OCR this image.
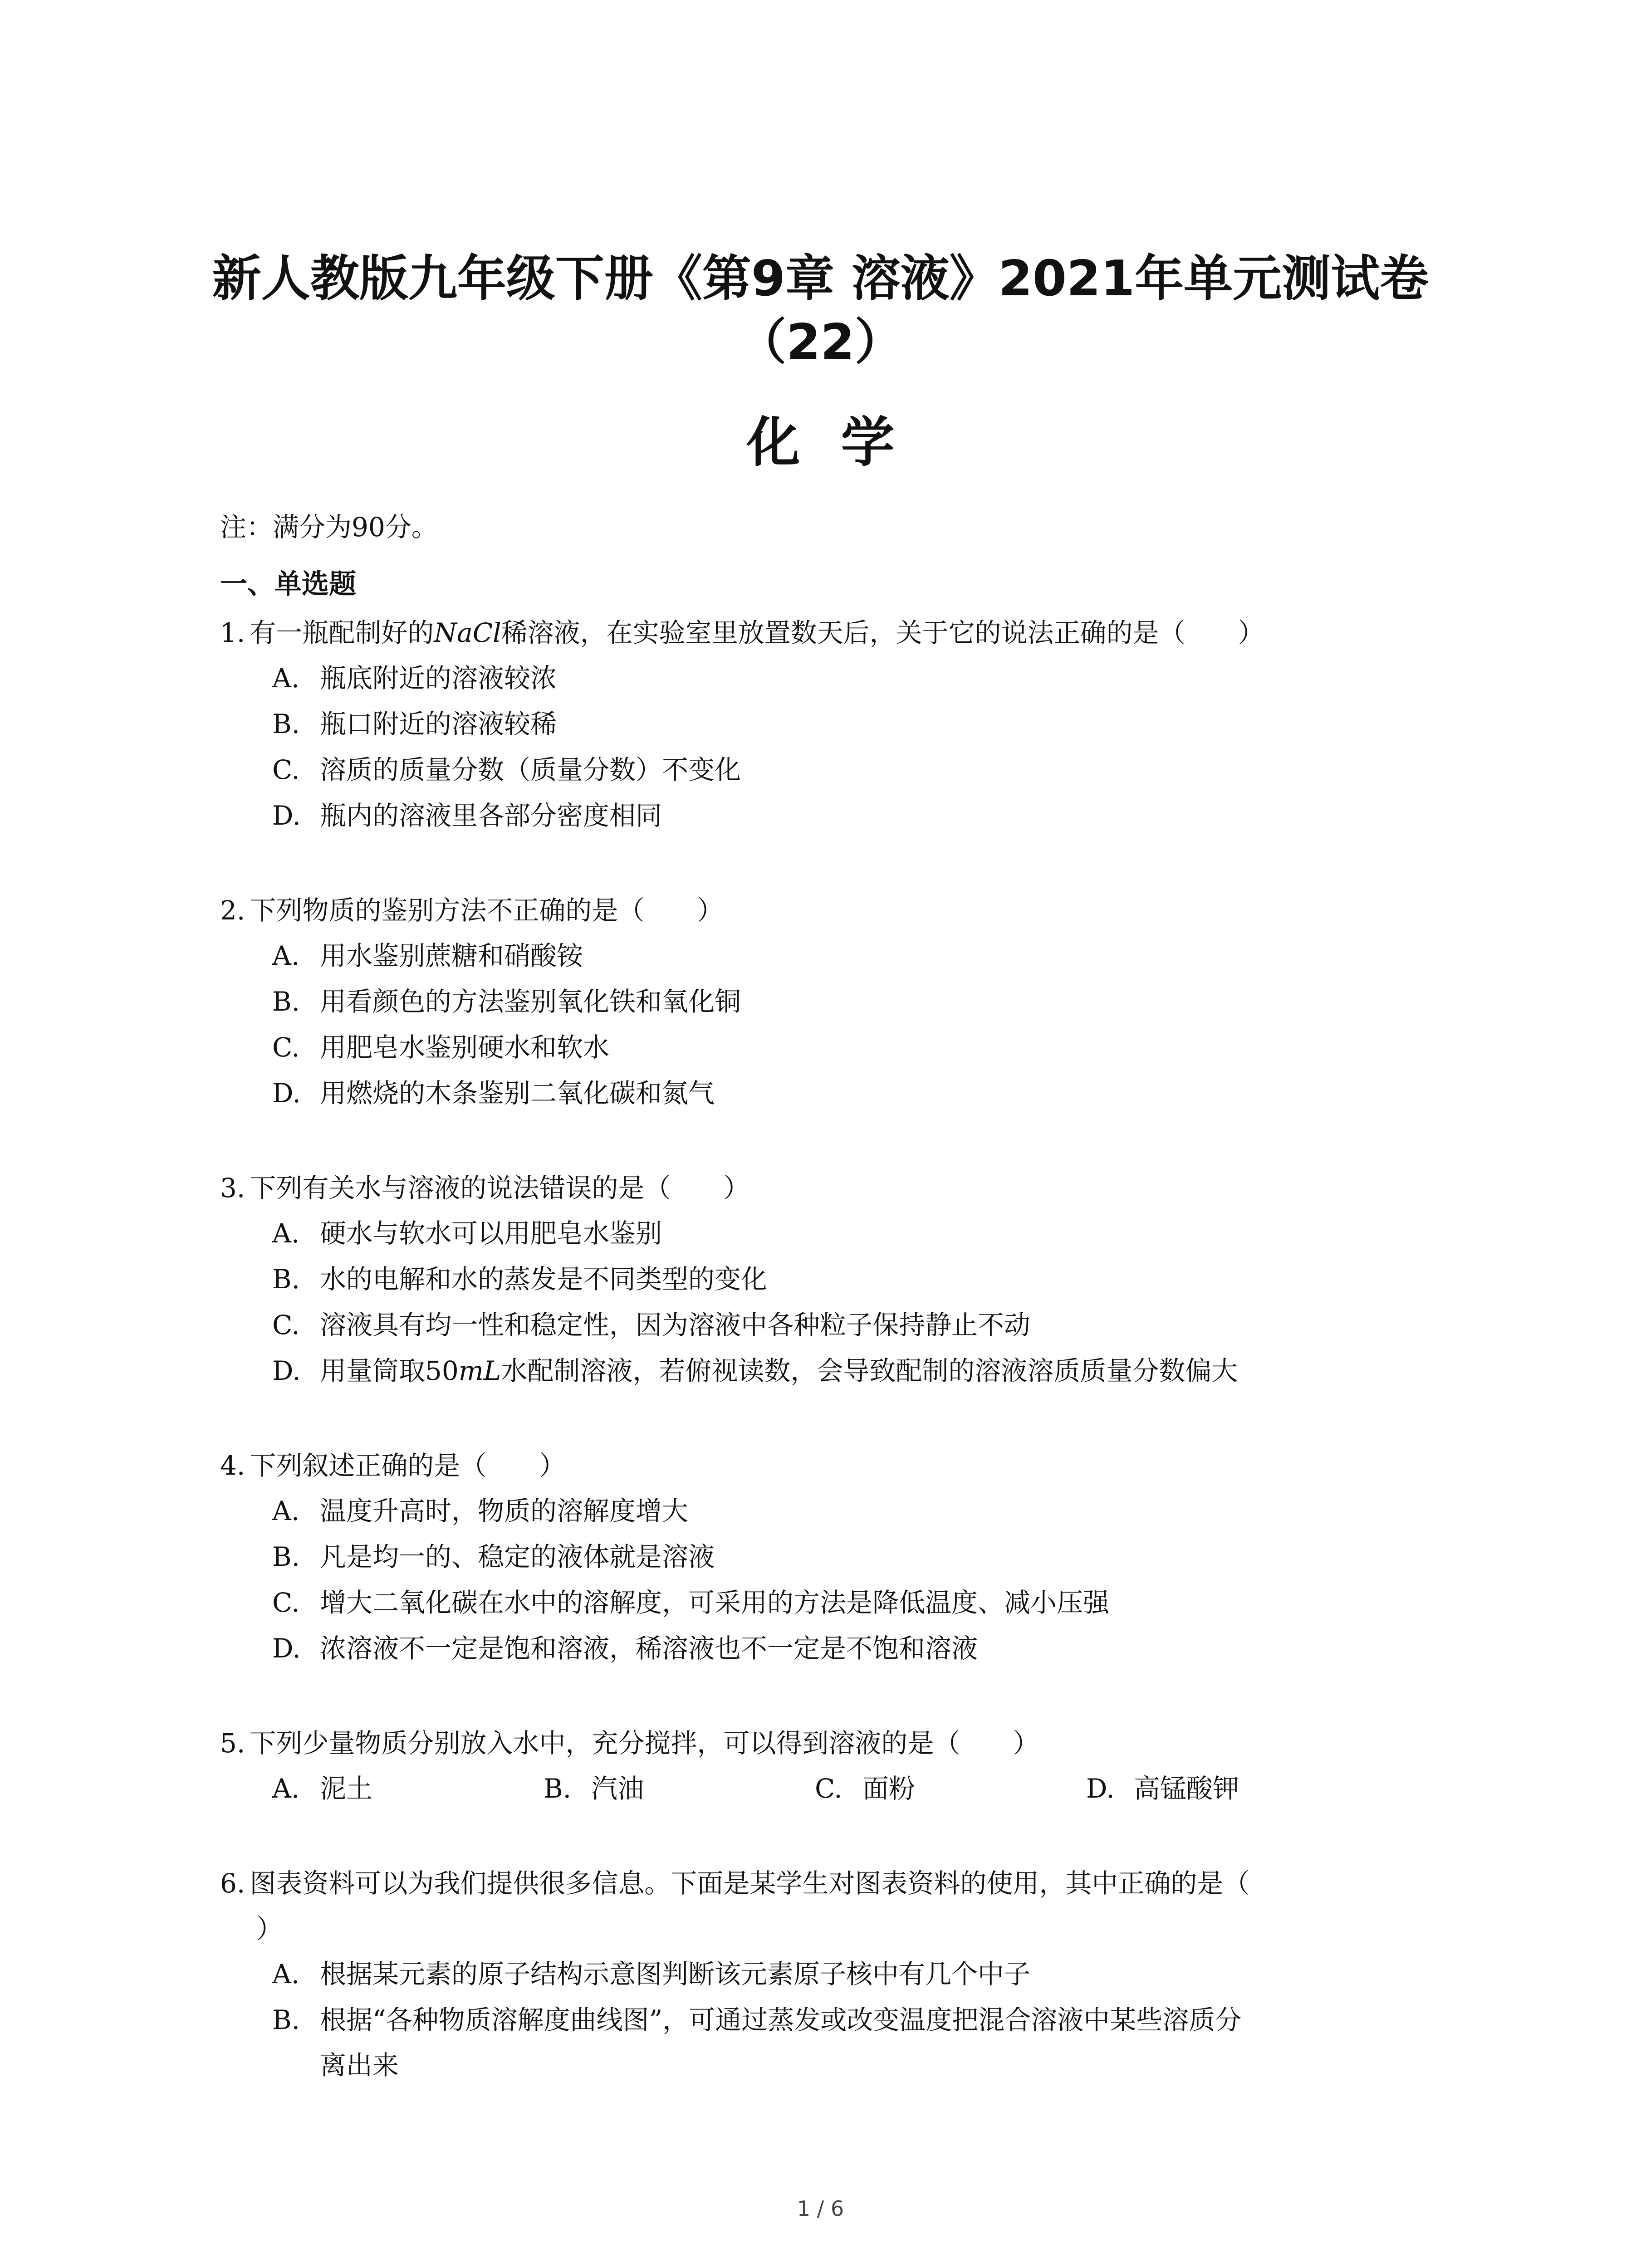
新人教版九年级下册《第9章 溶液》2021年单元测试卷
（22）
化学

注：满分为90分。

一、单选题

1. 有一瓶配制好的NaCl稀溶液，在实验室里放置数天后，关于它的说法正确的是（　　）
A. 瓶底附近的溶液较浓
B. 瓶口附近的溶液较稀
C. 溶质的质量分数（质量分数）不变化
D. 瓶内的溶液里各部分密度相同
2. 下列物质的鉴别方法不正确的是（　　）
A. 用水鉴别蔗糖和硝酸铵
B. 用看颜色的方法鉴别氧化铁和氧化铜
C. 用肥皂水鉴别硬水和软水
D. 用燃烧的木条鉴别二氧化碳和氮气
3. 下列有关水与溶液的说法错误的是（　　）
A. 硬水与软水可以用肥皂水鉴别
B. 水的电解和水的蒸发是不同类型的变化
C. 溶液具有均一性和稳定性，因为溶液中各种粒子保持静止不动
D. 用量筒取50mL水配制溶液，若俯视读数，会导致配制的溶液溶质质量分数偏大
4. 下列叙述正确的是（　　）
A. 温度升高时，物质的溶解度增大
B. 凡是均一的、稳定的液体就是溶液
C. 增大二氧化碳在水中的溶解度，可采用的方法是降低温度、减小压强
D. 浓溶液不一定是饱和溶液，稀溶液也不一定是不饱和溶液
5. 下列少量物质分别放入水中，充分搅拌，可以得到溶液的是（　　）
A. 泥土	B. 汽油	C. 面粉	D. 高锰酸钾
6. 图表资料可以为我们提供很多信息。下面是某学生对图表资料的使用，其中正确的是（
）
A. 根据某元素的原子结构示意图判断该元素原子核中有几个中子
B. 根据“各种物质溶解度曲线图”，可通过蒸发或改变温度把混合溶液中某些溶质分
离出来

1 / 6
